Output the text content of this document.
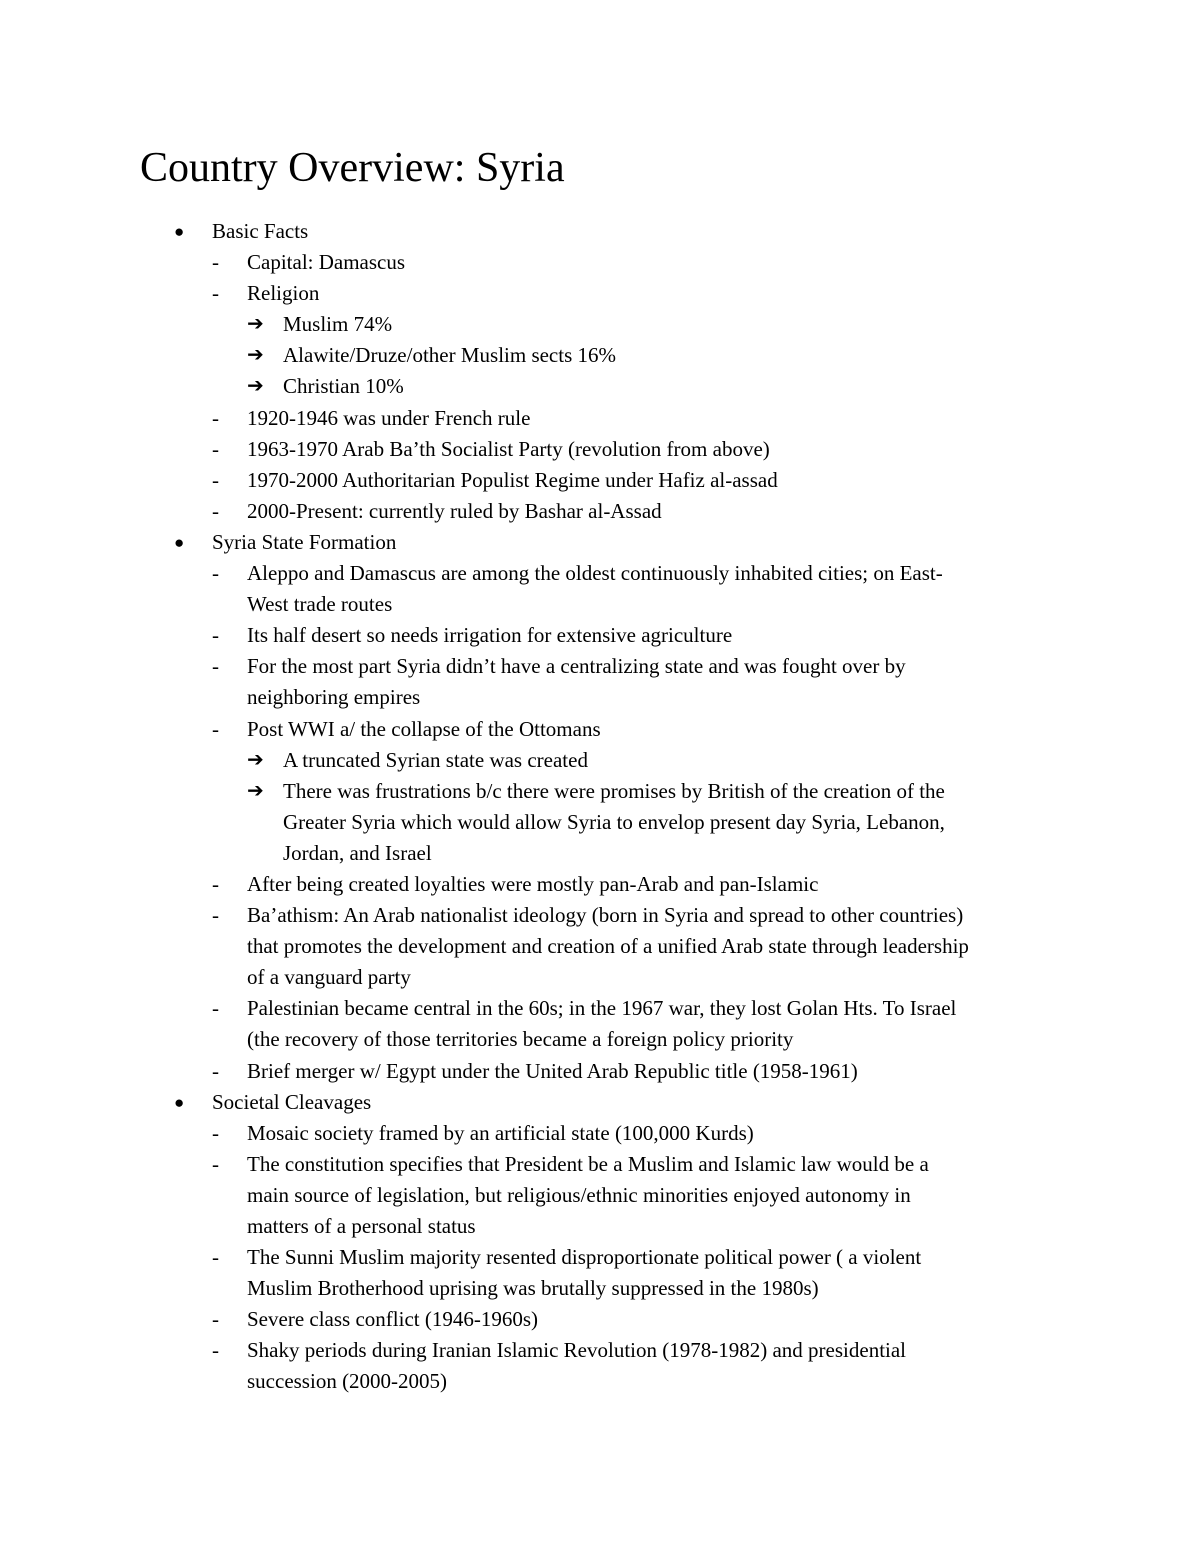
Country Overview: Syria
● Basic Facts
- Capital: Damascus
- Religion
➔ Muslim 74%
➔ Alawite/Druze/other Muslim sects 16%
➔ Christian 10%
- 1920-1946 was under French rule
- 1963-1970 Arab Ba’th Socialist Party (revolution from above)
- 1970-2000 Authoritarian Populist Regime under Hafiz al-assad
- 2000-Present: currently ruled by Bashar al-Assad
● Syria State Formation
- Aleppo and Damascus are among the oldest continuously inhabited cities; on East-
West trade routes
- Its half desert so needs irrigation for extensive agriculture
- For the most part Syria didn’t have a centralizing state and was fought over by
neighboring empires
- Post WWI a/ the collapse of the Ottomans
➔ A truncated Syrian state was created
➔ There was frustrations b/c there were promises by British of the creation of the
Greater Syria which would allow Syria to envelop present day Syria, Lebanon,
Jordan, and Israel
- After being created loyalties were mostly pan-Arab and pan-Islamic
- Ba’athism: An Arab nationalist ideology (born in Syria and spread to other countries)
that promotes the development and creation of a unified Arab state through leadership
of a vanguard party
- Palestinian became central in the 60s; in the 1967 war, they lost Golan Hts. To Israel
(the recovery of those territories became a foreign policy priority
- Brief merger w/ Egypt under the United Arab Republic title (1958-1961)
● Societal Cleavages
- Mosaic society framed by an artificial state (100,000 Kurds)
- The constitution specifies that President be a Muslim and Islamic law would be a
main source of legislation, but religious/ethnic minorities enjoyed autonomy in
matters of a personal status
- The Sunni Muslim majority resented disproportionate political power ( a violent
Muslim Brotherhood uprising was brutally suppressed in the 1980s)
- Severe class conflict (1946-1960s)
- Shaky periods during Iranian Islamic Revolution (1978-1982) and presidential
succession (2000-2005)
